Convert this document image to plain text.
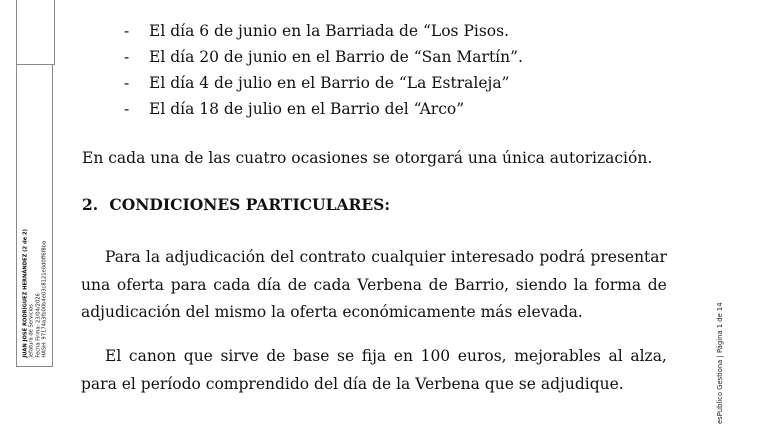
JUAN JOSÉ RODRÍGUEZ HERNÁNDEZ (2 de 2) Jefatura de Servicios Fecha Firma: 23/04/2026 HASH: 97174a3fb00b4e03c8121e0d0ff6f8ba
esPublico Gestiona | Página 1 de 14
- El día 6 de junio en la Barriada de “Los Pisos.
- El día 20 de junio en el Barrio de “San Martín”.
- El día 4 de julio en el Barrio de “La Estraleja”
- El día 18 de julio en el Barrio del “Arco”
En cada una de las cuatro ocasiones se otorgará una única autorización.
2. CONDICIONES PARTICULARES:
Para la adjudicación del contrato cualquier interesado podrá presentar
una oferta para cada día de cada Verbena de Barrio, siendo la forma de
adjudicación del mismo la oferta económicamente más elevada.
El canon que sirve de base se fija en 100 euros, mejorables al alza,
para el período comprendido del día de la Verbena que se adjudique.
